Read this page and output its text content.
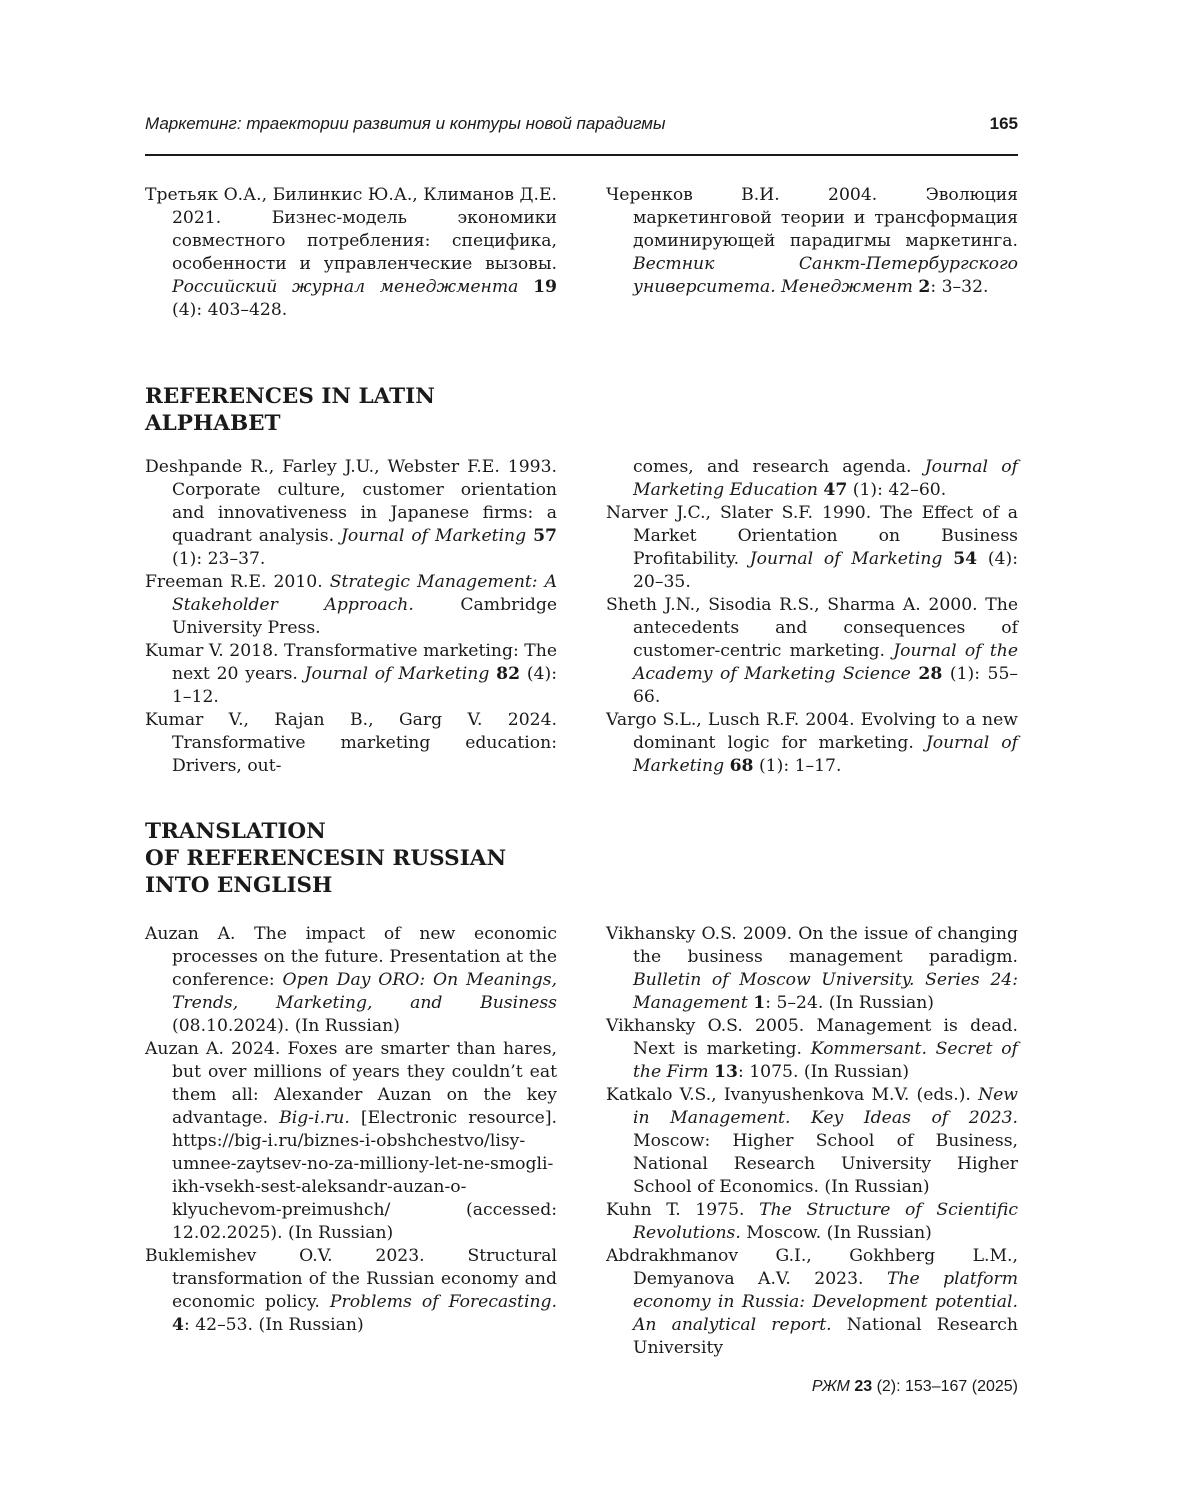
Маркетинг: траектории развития и контуры новой парадигмы	165

Третьяк О.А., Билинкис Ю.А., Климанов Д.Е. 2021. Бизнес-модель экономики совместного потребления: специфика, особенности и управленческие вызовы. Российский журнал менеджмента 19 (4): 403–428.

Черенков В.И. 2004. Эволюция маркетинговой теории и трансформация доминирующей парадигмы маркетинга. Вестник Санкт-Петербургского университета. Менеджмент 2: 3–32.

REFERENCES IN LATIN
ALPHABET

Deshpande R., Farley J.U., Webster F.E. 1993. Corporate culture, customer orientation and innovativeness in Japanese firms: a quadrant analysis. Journal of Marketing 57 (1): 23–37.

Freeman R.E. 2010. Strategic Management: A Stakeholder Approach. Cambridge University Press.

Kumar V. 2018. Transformative marketing: The next 20 years. Journal of Marketing 82 (4): 1–12.

Kumar V., Rajan B., Garg V. 2024. Transformative marketing education: Drivers, out-

comes, and research agenda. Journal of Marketing Education 47 (1): 42–60.

Narver J.C., Slater S.F. 1990. The Effect of a Market Orientation on Business Profitability. Journal of Marketing 54 (4): 20–35.

Sheth J.N., Sisodia R.S., Sharma A. 2000. The antecedents and consequences of customer-centric marketing. Journal of the Academy of Marketing Science 28 (1): 55–66.

Vargo S.L., Lusch R.F. 2004. Evolving to a new dominant logic for marketing. Journal of Marketing 68 (1): 1–17.

TRANSLATION
OF REFERENCESIN RUSSIAN
INTO ENGLISH

Auzan A. The impact of new economic processes on the future. Presentation at the conference: Open Day ORO: On Meanings, Trends, Marketing, and Business (08.10.2024). (In Russian)

Auzan A. 2024. Foxes are smarter than hares, but over millions of years they couldn’t eat them all: Alexander Auzan on the key advantage. Big-i.ru. [Electronic resource]. https://big-i.ru/biznes-i-obshchestvo/lisy-umnee-zaytsev-no-za-milliony-let-ne-smogli-ikh-vsekh-sest-aleksandr-auzan-o-klyuchevom-preimushch/ (accessed: 12.02.2025). (In Russian)

Buklemishev O.V. 2023. Structural transformation of the Russian economy and economic policy. Problems of Forecasting. 4: 42–53. (In Russian)

Vikhansky O.S. 2009. On the issue of changing the business management paradigm. Bulletin of Moscow University. Series 24: Management 1: 5–24. (In Russian)

Vikhansky O.S. 2005. Management is dead. Next is marketing. Kommersant. Secret of the Firm 13: 1075. (In Russian)

Katkalo V.S., Ivanyushenkova M.V. (eds.). New in Management. Key Ideas of 2023. Moscow: Higher School of Business, National Research University Higher School of Economics. (In Russian)

Kuhn T. 1975. The Structure of Scientific Revolutions. Moscow. (In Russian)

Abdrakhmanov G.I., Gokhberg L.M., Demyanova A.V. 2023. The platform economy in Russia: Development potential. An analytical report. National Research University

РЖМ 23 (2): 153–167 (2025)
